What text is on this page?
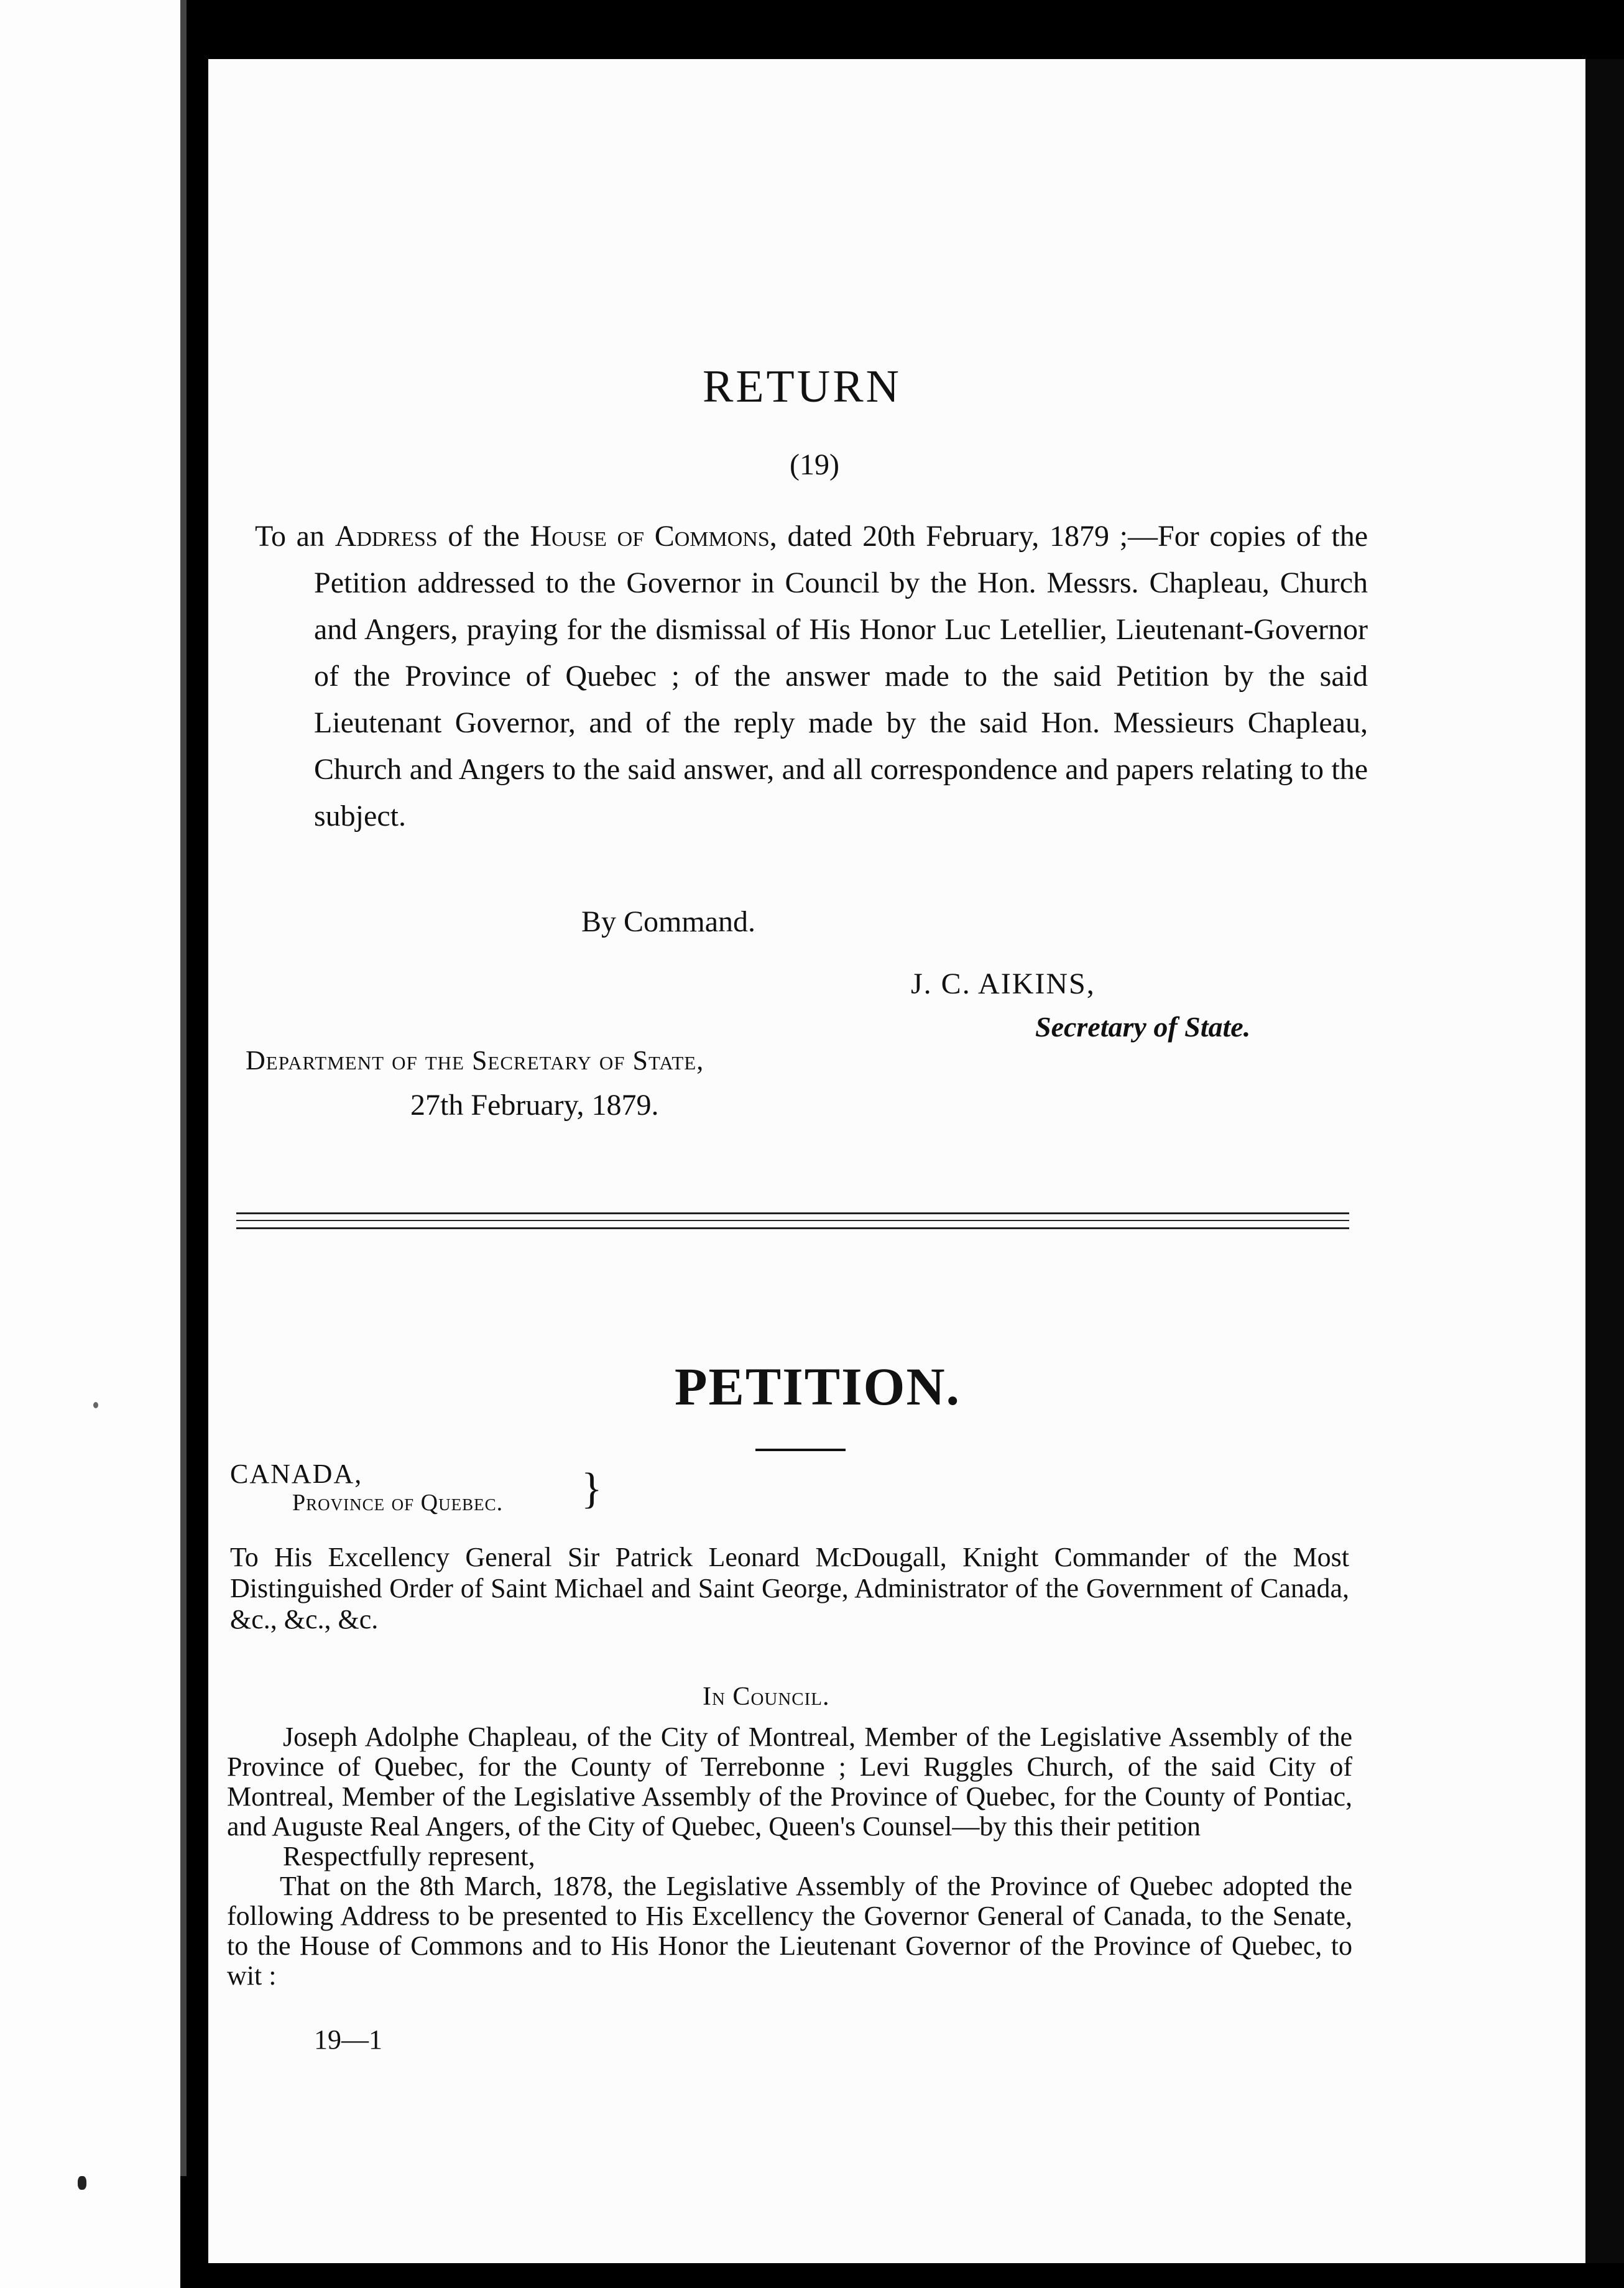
RETURN
(19)
To an Address of the House of Commons, dated 20th February, 1879 ;—For copies of the Petition addressed to the Governor in Council by the Hon. Messrs. Chapleau, Church and Angers, praying for the dismissal of His Honor Luc Letellier, Lieutenant-Governor of the Province of Quebec ; of the answer made to the said Petition by the said Lieutenant Governor, and of the reply made by the said Hon. Messieurs Chapleau, Church and Angers to the said answer, and all correspondence and papers relating to the subject.
By Command.
J. C. AIKINS,
Secretary of State.
Department of the Secretary of State,
27th February, 1879.
PETITION.
CANADA,
Province of Quebec. }
To His Excellency General Sir Patrick Leonard McDougall, Knight Commander of the Most Distinguished Order of Saint Michael and Saint George, Administrator of the Government of Canada, &c., &c., &c.
In Council.

Joseph Adolphe Chapleau, of the City of Montreal, Member of the Legislative Assembly of the Province of Quebec, for the County of Terrebonne ; Levi Ruggles Church, of the said City of Montreal, Member of the Legislative Assembly of the Province of Quebec, for the County of Pontiac, and Auguste Real Angers, of the City of Quebec, Queen's Counsel—by this their petition

Respectfully represent,

That on the 8th March, 1878, the Legislative Assembly of the Province of Quebec adopted the following Address to be presented to His Excellency the Governor General of Canada, to the Senate, to the House of Commons and to His Honor the Lieutenant Governor of the Province of Quebec, to wit :

19—1
